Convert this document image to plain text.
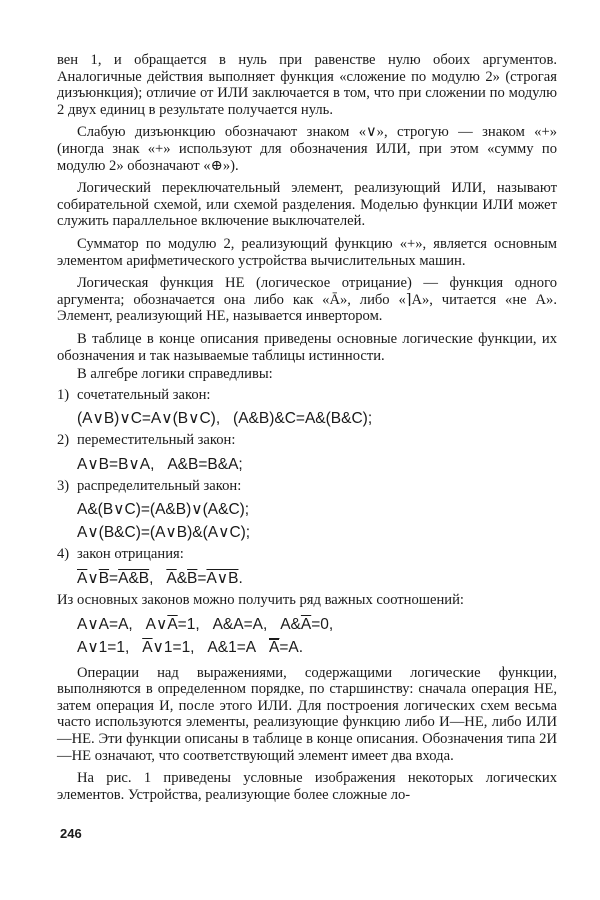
вен 1, и обращается в нуль при равенстве нулю обоих аргументов. Аналогичные действия выполняет функция «сложение по модулю 2» (строгая дизъюнкция); отличие от ИЛИ заключается в том, что при сложении по модулю 2 двух единиц в результате получается нуль.

Слабую дизъюнкцию обозначают знаком «∨», строгую — знаком «+» (иногда знак «+» используют для обозначения ИЛИ, при этом «сумму по модулю 2» обозначают «⊕»).

Логический переключательный элемент, реализующий ИЛИ, называют собирательной схемой, или схемой разделения. Моделью функции ИЛИ может служить параллельное включение выключателей.

Сумматор по модулю 2, реализующий функцию «+», является основным элементом арифметического устройства вычислительных машин.

Логическая функция НЕ (логическое отрицание) — функция одного аргумента; обозначается она либо как «Ā», либо «⌉A», читается «не А». Элемент, реализующий НЕ, называется инвертором.

В таблице в конце описания приведены основные логические функции, их обозначения и так называемые таблицы истинности.

В алгебре логики справедливы:

1) сочетательный закон:
(A∨B)∨C=A∨(B∨C),   (A&B)&C=A&(B&C);
2) переместительный закон:
A∨B=B∨A,   A&B=B&A;
3) распределительный закон:
A&(B∨C)=(A&B)∨(A&C);
A∨(B&C)=(A∨B)&(A∨C);
4) закон отрицания:
$\overline{A}\vee\overline{B}=A\&B$,   $\overline{A}\&\overline{B}=A\vee B$.

Из основных законов можно получить ряд важных соотношений:

A∨A=A,   $A\vee\overline{A}=1$,   A&A=A,   $A\&\overline{A}=0$,
A∨1=1,   $\overline{A}\vee 1=1$,   A&1=A   A=A.

Операции над выражениями, содержащими логические функции, выполняются в определенном порядке, по старшинству: сначала операция НЕ, затем операция И, после этого ИЛИ. Для построения логических схем весьма часто используются элементы, реализующие функцию либо И—НЕ, либо ИЛИ—НЕ. Эти функции описаны в таблице в конце описания. Обозначения типа 2И—НЕ означают, что соответствующий элемент имеет два входа.

На рис. 1 приведены условные изображения некоторых логических элементов. Устройства, реализующие более сложные ло-

246
